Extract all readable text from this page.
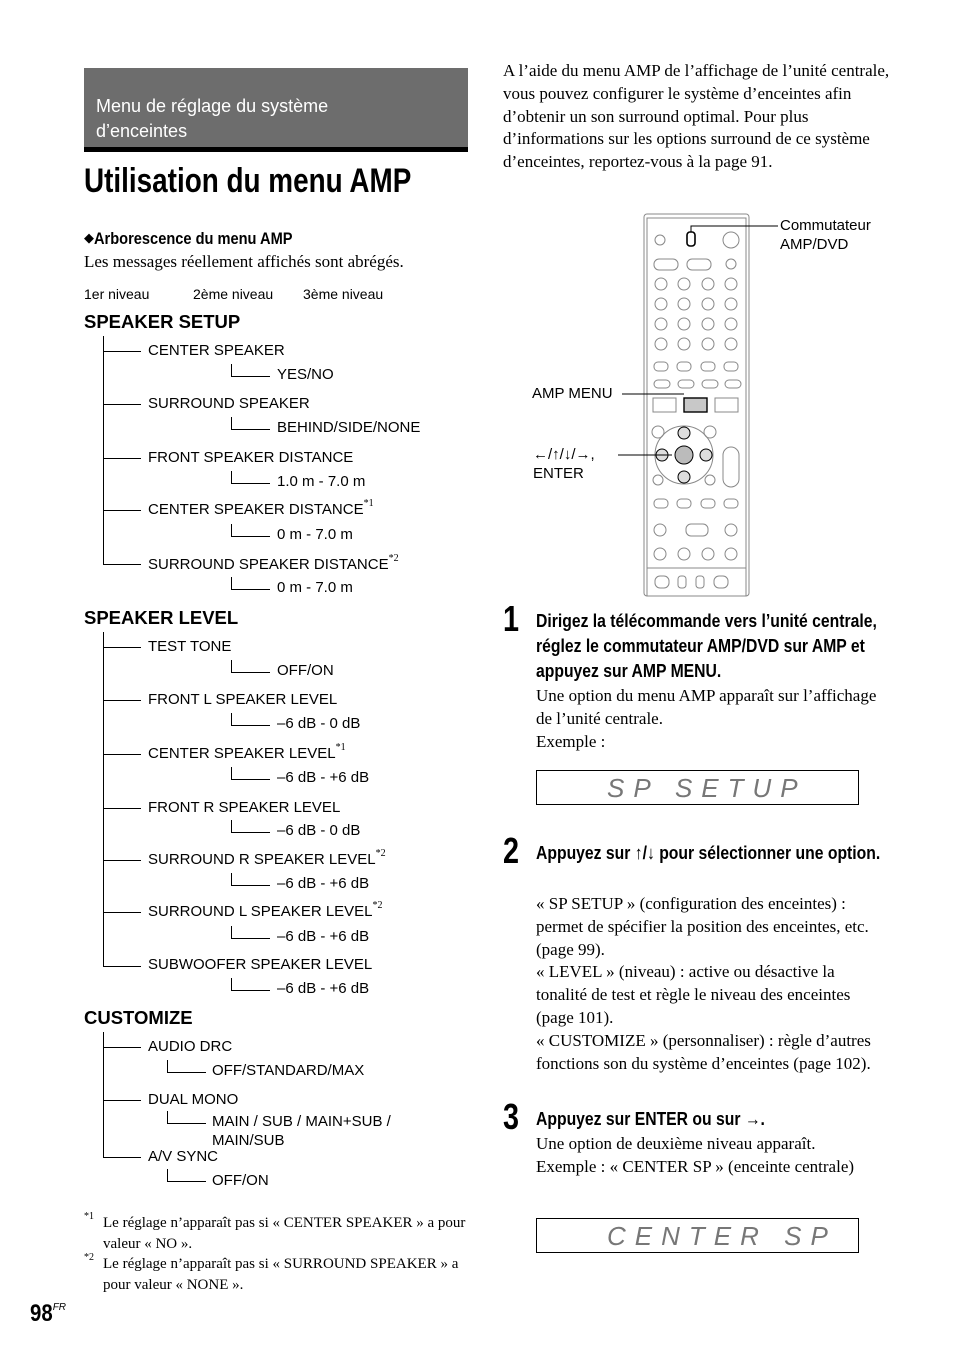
Menu de réglage du système
d’enceintes
Utilisation du menu AMP
◆Arborescence du menu AMP
Les messages réellement affichés sont abrégés.
1er niveau	2ème niveau 3ème niveau
SPEAKER SETUP
CENTER SPEAKER
YES/NO
SURROUND SPEAKER
BEHIND/SIDE/NONE
FRONT SPEAKER DISTANCE
1.0 m - 7.0 m
CENTER SPEAKER DISTANCE$^{*1}$
0 m - 7.0 m
SURROUND SPEAKER DISTANCE$^{*2}$
0 m - 7.0 m
SPEAKER LEVEL
TEST TONE
OFF/ON
FRONT L SPEAKER LEVEL
–6 dB - 0 dB
CENTER SPEAKER LEVEL$^{*1}$
–6 dB - +6 dB
FRONT R SPEAKER LEVEL
–6 dB - 0 dB
SURROUND R SPEAKER LEVEL$^{*2}$
–6 dB - +6 dB
SURROUND L SPEAKER LEVEL$^{*2}$
–6 dB - +6 dB
SUBWOOFER SPEAKER LEVEL
–6 dB - +6 dB
CUSTOMIZE
AUDIO DRC
OFF/STANDARD/MAX
DUAL MONO
MAIN / SUB / MAIN+SUB /
MAIN/SUB
A/V SYNC
OFF/ON
$^{*1}$ Le réglage n’apparaît pas si « CENTER SPEAKER » a pour valeur « NO ».
$^{*2}$ Le réglage n’apparaît pas si « SURROUND SPEAKER » a pour valeur « NONE ».
$98^{FR}$
A l’aide du menu AMP de l’affichage de l’unité centrale, vous pouvez configurer le système d’enceintes afin d’obtenir un son surround optimal. Pour plus d’informations sur les options surround de ce système d’enceintes, reportez-vous à la page 91.
Commutateur
AMP/DVD
AMP MENU
←/↑/↓/→,
ENTER
1 Dirigez la télécommande vers l’unité centrale, réglez le commutateur AMP/DVD sur AMP et appuyez sur AMP MENU.
Une option du menu AMP apparaît sur l’affichage de l’unité centrale.
Exemple :
SP SETUP
2 Appuyez sur ↑/↓ pour sélectionner une option.
« SP SETUP » (configuration des enceintes) : permet de spécifier la position des enceintes, etc. (page 99).
« LEVEL » (niveau) : active ou désactive la tonalité de test et règle le niveau des enceintes (page 101).
« CUSTOMIZE » (personnaliser) : règle d’autres fonctions son du système d’enceintes (page 102).
3 Appuyez sur ENTER ou sur →.
Une option de deuxième niveau apparaît.
Exemple : « CENTER SP » (enceinte centrale)
CENTER SP
